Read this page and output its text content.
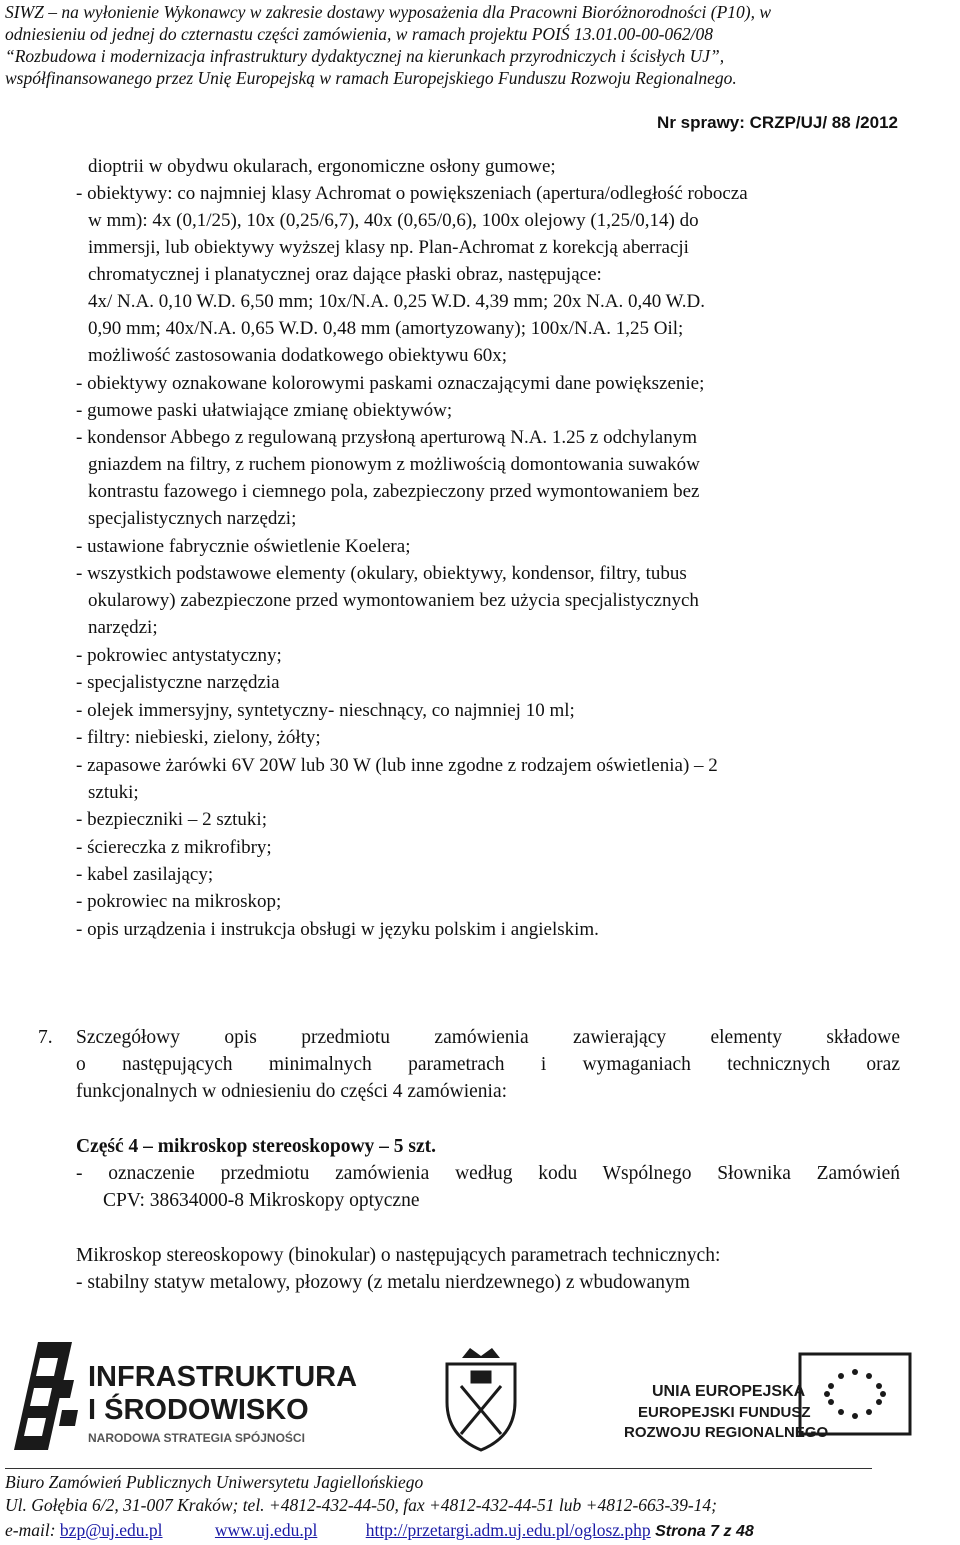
SIWZ – na wyłonienie Wykonawcy w zakresie dostawy wyposażenia dla Pracowni Bioróżnorodności (P10), w
odniesieniu od jednej do czternastu części zamówienia, w ramach projektu POIŚ 13.01.00-00-062/08
“Rozbudowa i modernizacja infrastruktury dydaktycznej na kierunkach przyrodniczych i ścisłych UJ”,
współfinansowanego przez Unię Europejską w ramach Europejskiego Funduszu Rozwoju Regionalnego.
Nr sprawy: CRZP/UJ/ 88 /2012
dioptrii w obydwu okularach, ergonomiczne osłony gumowe;
- obiektywy: co najmniej klasy Achromat o powiększeniach (apertura/odległość robocza
w mm): 4x (0,1/25), 10x (0,25/6,7), 40x (0,65/0,6), 100x olejowy (1,25/0,14) do
immersji, lub obiektywy wyższej klasy np. Plan-Achromat z korekcją aberracji
chromatycznej i planatycznej oraz dające płaski obraz, następujące:
4x/ N.A. 0,10 W.D. 6,50 mm; 10x/N.A. 0,25 W.D. 4,39 mm; 20x N.A. 0,40 W.D.
0,90 mm; 40x/N.A. 0,65 W.D. 0,48 mm (amortyzowany); 100x/N.A. 1,25 Oil;
możliwość zastosowania dodatkowego obiektywu 60x;
- obiektywy oznakowane kolorowymi paskami oznaczającymi dane powiększenie;
- gumowe paski ułatwiające zmianę obiektywów;
- kondensor Abbego z regulowaną przysłoną aperturową N.A. 1.25 z odchylanym
gniazdem na filtry, z ruchem pionowym z możliwością domontowania suwaków
kontrastu fazowego i ciemnego pola, zabezpieczony przed wymontowaniem bez
specjalistycznych narzędzi;
- ustawione fabrycznie oświetlenie Koelera;
- wszystkich podstawowe elementy (okulary, obiektywy, kondensor, filtry, tubus
okularowy) zabezpieczone przed wymontowaniem bez użycia specjalistycznych
narzędzi;
- pokrowiec antystatyczny;
- specjalistyczne narzędzia
- olejek immersyjny, syntetyczny- nieschnący, co najmniej 10 ml;
- filtry: niebieski, zielony, żółty;
- zapasowe żarówki 6V 20W lub 30 W (lub inne zgodne z rodzajem oświetlenia) – 2
sztuki;
- bezpieczniki – 2 sztuki;
- ściereczka z mikrofibry;
- kabel zasilający;
- pokrowiec na mikroskop;
- opis urządzenia i instrukcja obsługi w języku polskim i angielskim.
7. Szczegółowy opis przedmiotu zamówienia zawierający elementy składowe
o następujących minimalnych parametrach i wymaganiach technicznych oraz
funkcjonalnych w odniesieniu do części 4 zamówienia:
Część 4 – mikroskop stereoskopowy – 5 szt.
- oznaczenie przedmiotu zamówienia według kodu Wspólnego Słownika Zamówień
CPV: 38634000-8 Mikroskopy optyczne
Mikroskop stereoskopowy (binokular) o następujących parametrach technicznych:
- stabilny statyw metalowy, płozowy (z metalu nierdzewnego) z wbudowanym
INFRASTRUKTURA
I ŚRODOWISKO
NARODOWA STRATEGIA SPÓJNOŚCI
UNIA EUROPEJSKA
EUROPEJSKI FUNDUSZ
ROZWOJU REGIONALNEGO
Biuro Zamówień Publicznych Uniwersytetu Jagiellońskiego
Ul. Gołębia 6/2, 31-007 Kraków; tel. +4812-432-44-50, fax +4812-432-44-51 lub +4812-663-39-14;
e-mail: bzp@uj.edu.pl	www.uj.edu.pl	http://przetargi.adm.uj.edu.pl/oglosz.php Strona 7 z 48
